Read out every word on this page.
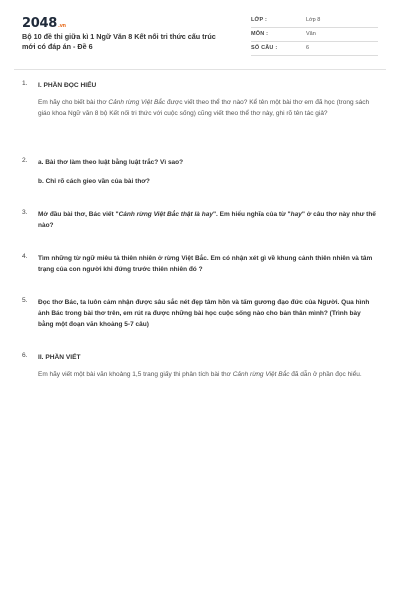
2048.vn
Bộ 10 đề thi giữa kì 1 Ngữ Văn 8 Kết nối tri thức cấu trúc mới có đáp án - Đề 6
LỚP :	Lớp 8
MÔN :	Văn
SỐ CÂU :	6
1. I. PHẦN ĐỌC HIỂU
Em hãy cho biết bài thơ Cảnh rừng Việt Bắc được viết theo thể thơ nào? Kể tên một bài thơ em đã học (trong sách giáo khoa Ngữ văn 8 bộ Kết nối tri thức với cuộc sống) cũng viết theo thể thơ này, ghi rõ tên tác giả?
2. a. Bài thơ làm theo luật bằng luật trắc? Vì sao?
b. Chỉ rõ cách gieo vần của bài thơ?
3. Mở đầu bài thơ, Bác viết "Cảnh rừng Việt Bắc thật là hay". Em hiểu nghĩa của từ "hay" ở câu thơ này như thế nào?
4. Tìm những từ ngữ miêu tả thiên nhiên ở rừng Việt Bắc. Em có nhận xét gì về khung cảnh thiên nhiên và tâm trạng của con người khi đứng trước thiên nhiên đó ?
5. Đọc thơ Bác, ta luôn cảm nhận được sâu sắc nét đẹp tâm hồn và tấm gương đạo đức của Người. Qua hình ảnh Bác trong bài thơ trên, em rút ra được những bài học cuộc sống nào cho bản thân mình? (Trình bày bằng một đoạn văn khoảng 5-7 câu)
6. II. PHẦN VIẾT
Em hãy viết một bài văn khoảng 1,5 trang giấy thi phân tích bài thơ Cảnh rừng Việt Bắc đã dẫn ở phần đọc hiểu.
